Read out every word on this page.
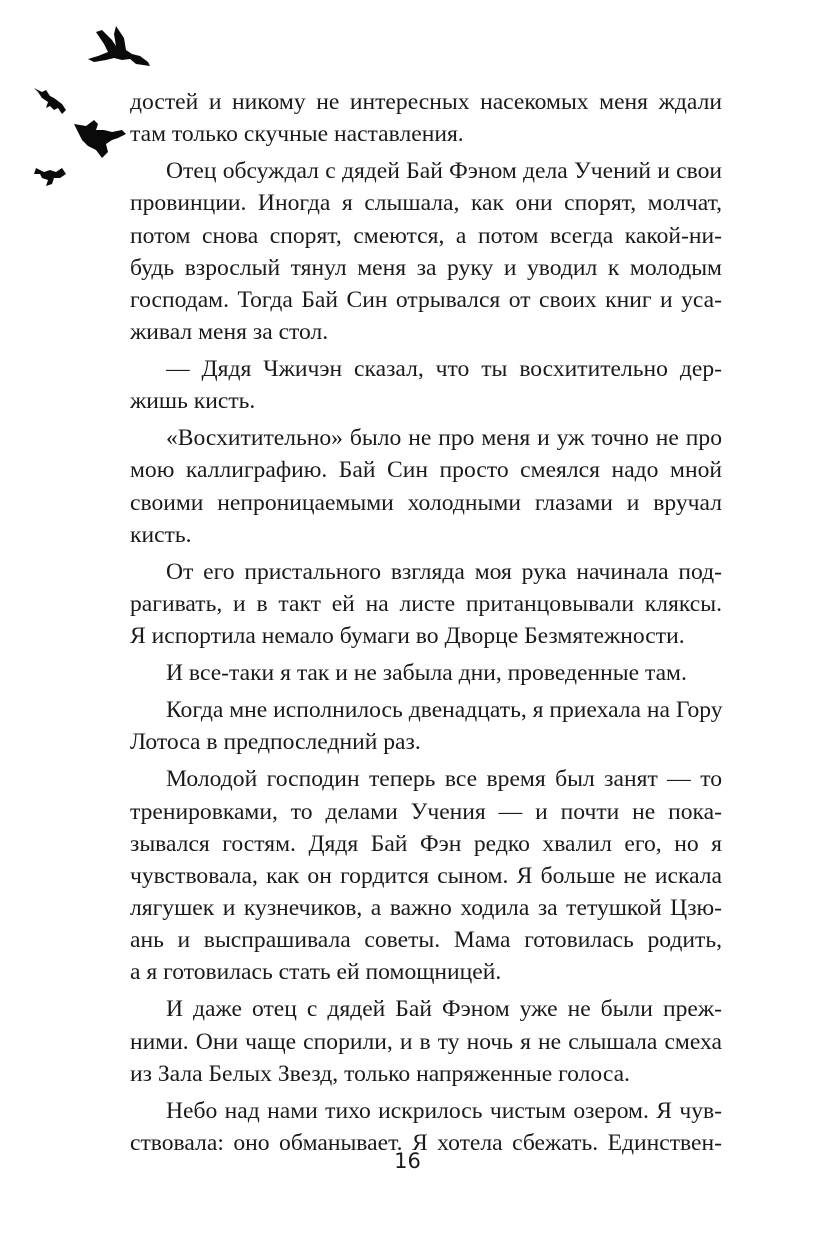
достей и никому не интересных насекомых меня ждали
там только скучные наставления.
Отец обсуждал с дядей Бай Фэном дела Учений и свои
провинции. Иногда я слышала, как они спорят, молчат,
потом снова спорят, смеются, а потом всегда какой-ни-
будь взрослый тянул меня за руку и уводил к молодым
господам. Тогда Бай Син отрывался от своих книг и уса-
живал меня за стол.
— Дядя Чжичэн сказал, что ты восхитительно дер-
жишь кисть.
«Восхитительно» было не про меня и уж точно не про
мою каллиграфию. Бай Син просто смеялся надо мной
своими непроницаемыми холодными глазами и вручал
кисть.
От его пристального взгляда моя рука начинала под-
рагивать, и в такт ей на листе пританцовывали кляксы.
Я испортила немало бумаги во Дворце Безмятежности.
И все-таки я так и не забыла дни, проведенные там.
Когда мне исполнилось двенадцать, я приехала на Гору
Лотоса в предпоследний раз.
Молодой господин теперь все время был занят — то
тренировками, то делами Учения — и почти не пока-
зывался гостям. Дядя Бай Фэн редко хвалил его, но я
чувствовала, как он гордится сыном. Я больше не искала
лягушек и кузнечиков, а важно ходила за тетушкой Цзю-
ань и выспрашивала советы. Мама готовилась родить,
а я готовилась стать ей помощницей.
И даже отец с дядей Бай Фэном уже не были преж-
ними. Они чаще спорили, и в ту ночь я не слышала смеха
из Зала Белых Звезд, только напряженные голоса.
Небо над нами тихо искрилось чистым озером. Я чув-
ствовала: оно обманывает. Я хотела сбежать. Единствен-
16
